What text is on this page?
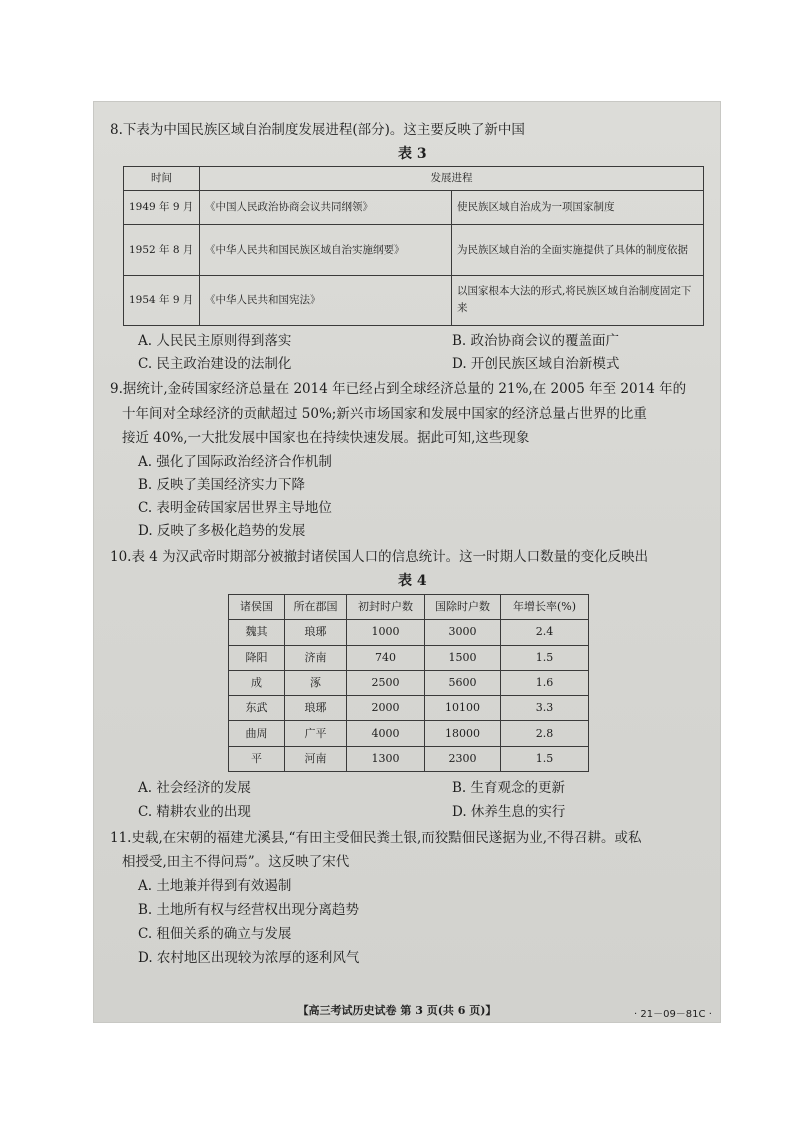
8.下表为中国民族区域自治制度发展进程(部分)。这主要反映了新中国
表 3
时间	发展进程	
1949 年 9 月	《中国人民政治协商会议共同纲领》	使民族区域自治成为一项国家制度
1952 年 8 月	《中华人民共和国民族区域自治实施纲要》	为民族区域自治的全面实施提供了具体的制度依据
1954 年 9 月	《中华人民共和国宪法》	以国家根本大法的形式,将民族区域自治制度固定下来
A. 人民民主原则得到落实	B. 政治协商会议的覆盖面广
C. 民主政治建设的法制化	D. 开创民族区域自治新模式
9.据统计,金砖国家经济总量在 2014 年已经占到全球经济总量的 21%,在 2005 年至 2014 年的
十年间对全球经济的贡献超过 50%;新兴市场国家和发展中国家的经济总量占世界的比重
接近 40%,一大批发展中国家也在持续快速发展。据此可知,这些现象
A. 强化了国际政治经济合作机制
B. 反映了美国经济实力下降
C. 表明金砖国家居世界主导地位
D. 反映了多极化趋势的发展
10.表 4 为汉武帝时期部分被撤封诸侯国人口的信息统计。这一时期人口数量的变化反映出
表 4
诸侯国	所在郡国	初封时户数	国除时户数	年增长率(%)
魏其	琅琊	1000	3000	2.4
降阳	济南	740	1500	1.5
成	涿	2500	5600	1.6
东武	琅琊	2000	10100	3.3
曲周	广平	4000	18000	2.8
平	河南	1300	2300	1.5
A. 社会经济的发展	B. 生育观念的更新
C. 精耕农业的出现	D. 休养生息的实行
11.史载,在宋朝的福建尤溪县,“有田主受佃民粪土银,而狡黠佃民遂据为业,不得召耕。或私
相授受,田主不得问焉”。这反映了宋代
A. 土地兼并得到有效遏制
B. 土地所有权与经营权出现分离趋势
C. 租佃关系的确立与发展
D. 农村地区出现较为浓厚的逐利风气
【高三考试历史试卷 第 3 页(共 6 页)】	· 21－09－81C ·
